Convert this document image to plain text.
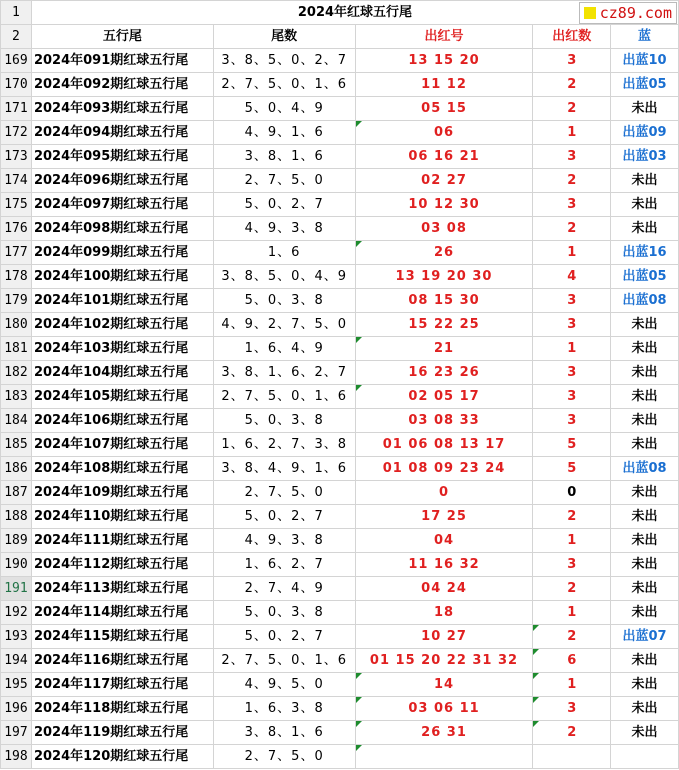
cz89.com
1	2024年红球五行尾				
2	五行尾	尾数	出红号	出红数	蓝
169	2024年091期红球五行尾	3、8、5、0、2、7	13 15 20	3	出蓝10
170	2024年092期红球五行尾	2、7、5、0、1、6	11 12	2	出蓝05
171	2024年093期红球五行尾	5、0、4、9	05 15	2	未出
172	2024年094期红球五行尾	4、9、1、6	06	1	出蓝09
173	2024年095期红球五行尾	3、8、1、6	06 16 21	3	出蓝03
174	2024年096期红球五行尾	2、7、5、0	02 27	2	未出
175	2024年097期红球五行尾	5、0、2、7	10 12 30	3	未出
176	2024年098期红球五行尾	4、9、3、8	03 08	2	未出
177	2024年099期红球五行尾	1、6	26	1	出蓝16
178	2024年100期红球五行尾	3、8、5、0、4、9	13 19 20 30	4	出蓝05
179	2024年101期红球五行尾	5、0、3、8	08 15 30	3	出蓝08
180	2024年102期红球五行尾	4、9、2、7、5、0	15 22 25	3	未出
181	2024年103期红球五行尾	1、6、4、9	21	1	未出
182	2024年104期红球五行尾	3、8、1、6、2、7	16 23 26	3	未出
183	2024年105期红球五行尾	2、7、5、0、1、6	02 05 17	3	未出
184	2024年106期红球五行尾	5、0、3、8	03 08 33	3	未出
185	2024年107期红球五行尾	1、6、2、7、3、8	01 06 08 13 17	5	未出
186	2024年108期红球五行尾	3、8、4、9、1、6	01 08 09 23 24	5	出蓝08
187	2024年109期红球五行尾	2、7、5、0	0	0	未出
188	2024年110期红球五行尾	5、0、2、7	17 25	2	未出
189	2024年111期红球五行尾	4、9、3、8	04	1	未出
190	2024年112期红球五行尾	1、6、2、7	11 16 32	3	未出
191	2024年113期红球五行尾	2、7、4、9	04 24	2	未出
192	2024年114期红球五行尾	5、0、3、8	18	1	未出
193	2024年115期红球五行尾	5、0、2、7	10 27	2	出蓝07
194	2024年116期红球五行尾	2、7、5、0、1、6	01 15 20 22 31 32	6	未出
195	2024年117期红球五行尾	4、9、5、0	14	1	未出
196	2024年118期红球五行尾	1、6、3、8	03 06 11	3	未出
197	2024年119期红球五行尾	3、8、1、6	26 31	2	未出
198	2024年120期红球五行尾	2、7、5、0	
